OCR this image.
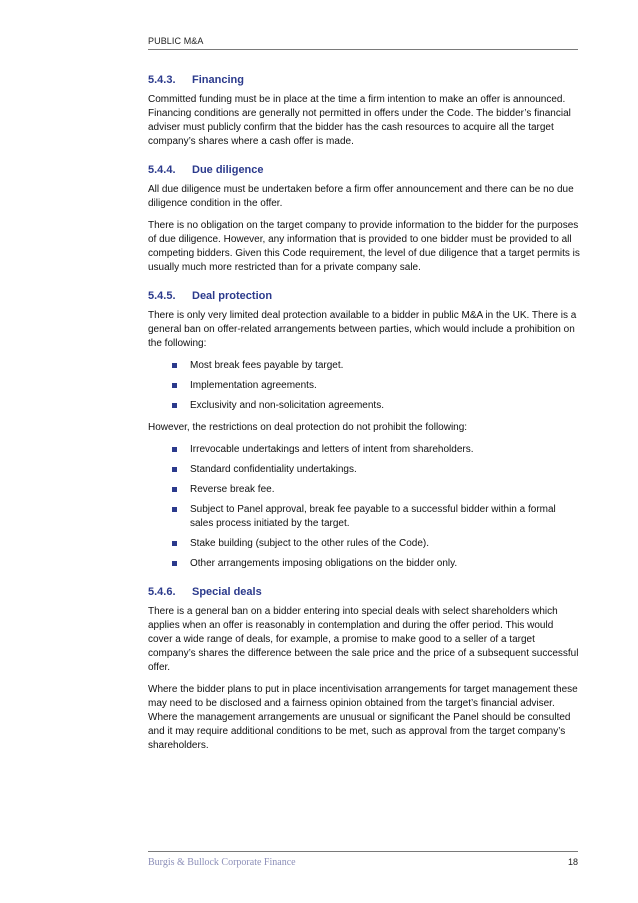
PUBLIC M&A
5.4.3. Financing

Committed funding must be in place at the time a firm intention to make an offer is announced. Financing conditions are generally not permitted in offers under the Code. The bidder’s financial adviser must publicly confirm that the bidder has the cash resources to acquire all the target company’s shares where a cash offer is made.

5.4.4. Due diligence

All due diligence must be undertaken before a firm offer announcement and there can be no due diligence condition in the offer.

There is no obligation on the target company to provide information to the bidder for the purposes of due diligence. However, any information that is provided to one bidder must be provided to all competing bidders. Given this Code requirement, the level of due diligence that a target permits is usually much more restricted than for a private company sale.

5.4.5. Deal protection

There is only very limited deal protection available to a bidder in public M&A in the UK. There is a general ban on offer-related arrangements between parties, which would include a prohibition on the following:

Most break fees payable by target.
Implementation agreements.
Exclusivity and non-solicitation agreements.

However, the restrictions on deal protection do not prohibit the following:

Irrevocable undertakings and letters of intent from shareholders.
Standard confidentiality undertakings.
Reverse break fee.
Subject to Panel approval, break fee payable to a successful bidder within a formal sales process initiated by the target.
Stake building (subject to the other rules of the Code).
Other arrangements imposing obligations on the bidder only.
5.4.6. Special deals

There is a general ban on a bidder entering into special deals with select shareholders which applies when an offer is reasonably in contemplation and during the offer period. This would cover a wide range of deals, for example, a promise to make good to a seller of a target company’s shares the difference between the sale price and the price of a subsequent successful offer.

Where the bidder plans to put in place incentivisation arrangements for target management these may need to be disclosed and a fairness opinion obtained from the target’s financial adviser. Where the management arrangements are unusual or significant the Panel should be consulted and it may require additional conditions to be met, such as approval from the target company’s shareholders.

Burgis & Bullock Corporate Finance	18
